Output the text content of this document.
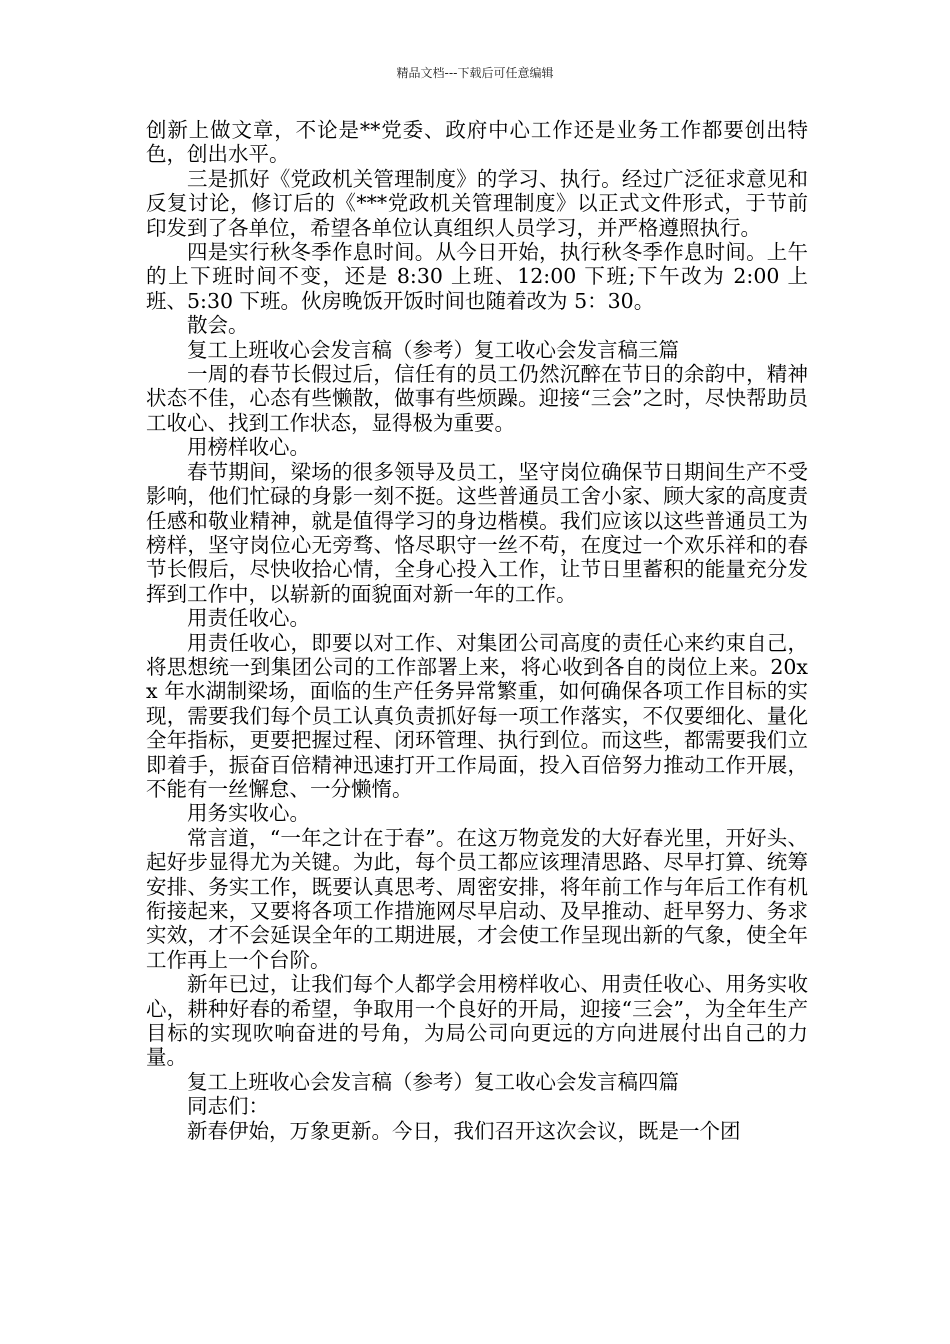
精品文档---下载后可任意编辑

创新上做文章，不论是**党委、政府中心工作还是业务工作都要创出特色，创出水平。

三是抓好《党政机关管理制度》的学习、执行。经过广泛征求意见和反复讨论，修订后的《***党政机关管理制度》以正式文件形式，于节前印发到了各单位，希望各单位认真组织人员学习，并严格遵照执行。

四是实行秋冬季作息时间。从今日开始，执行秋冬季作息时间。上午的上下班时间不变，还是 8:30 上班、12:00 下班;下午改为 2:00 上班、5:30 下班。伙房晚饭开饭时间也随着改为 5：30。

散会。

复工上班收心会发言稿（参考）复工收心会发言稿三篇

一周的春节长假过后，信任有的员工仍然沉醉在节日的余韵中，精神状态不佳，心态有些懒散，做事有些烦躁。迎接“三会”之时，尽快帮助员工收心、找到工作状态，显得极为重要。

用榜样收心。

春节期间，梁场的很多领导及员工，坚守岗位确保节日期间生产不受影响，他们忙碌的身影一刻不挺。这些普通员工舍小家、顾大家的高度责任感和敬业精神，就是值得学习的身边楷模。我们应该以这些普通员工为榜样，坚守岗位心无旁骛、恪尽职守一丝不苟，在度过一个欢乐祥和的春节长假后，尽快收拾心情，全身心投入工作，让节日里蓄积的能量充分发挥到工作中，以崭新的面貌面对新一年的工作。

用责任收心。

用责任收心，即要以对工作、对集团公司高度的责任心来约束自己，将思想统一到集团公司的工作部署上来，将心收到各自的岗位上来。20xx 年水湖制梁场，面临的生产任务异常繁重，如何确保各项工作目标的实现，需要我们每个员工认真负责抓好每一项工作落实，不仅要细化、量化全年指标，更要把握过程、闭环管理、执行到位。而这些，都需要我们立即着手，振奋百倍精神迅速打开工作局面，投入百倍努力推动工作开展，不能有一丝懈怠、一分懒惰。

用务实收心。

常言道，“一年之计在于春”。在这万物竞发的大好春光里，开好头、起好步显得尤为关键。为此，每个员工都应该理清思路、尽早打算、统筹安排、务实工作，既要认真思考、周密安排，将年前工作与年后工作有机衔接起来，又要将各项工作措施网尽早启动、及早推动、赶早努力、务求实效，才不会延误全年的工期进展，才会使工作呈现出新的气象，使全年工作再上一个台阶。

新年已过，让我们每个人都学会用榜样收心、用责任收心、用务实收心，耕种好春的希望，争取用一个良好的开局，迎接“三会”，为全年生产目标的实现吹响奋进的号角，为局公司向更远的方向进展付出自己的力量。

复工上班收心会发言稿（参考）复工收心会发言稿四篇

同志们：

新春伊始，万象更新。今日，我们召开这次会议，既是一个团
